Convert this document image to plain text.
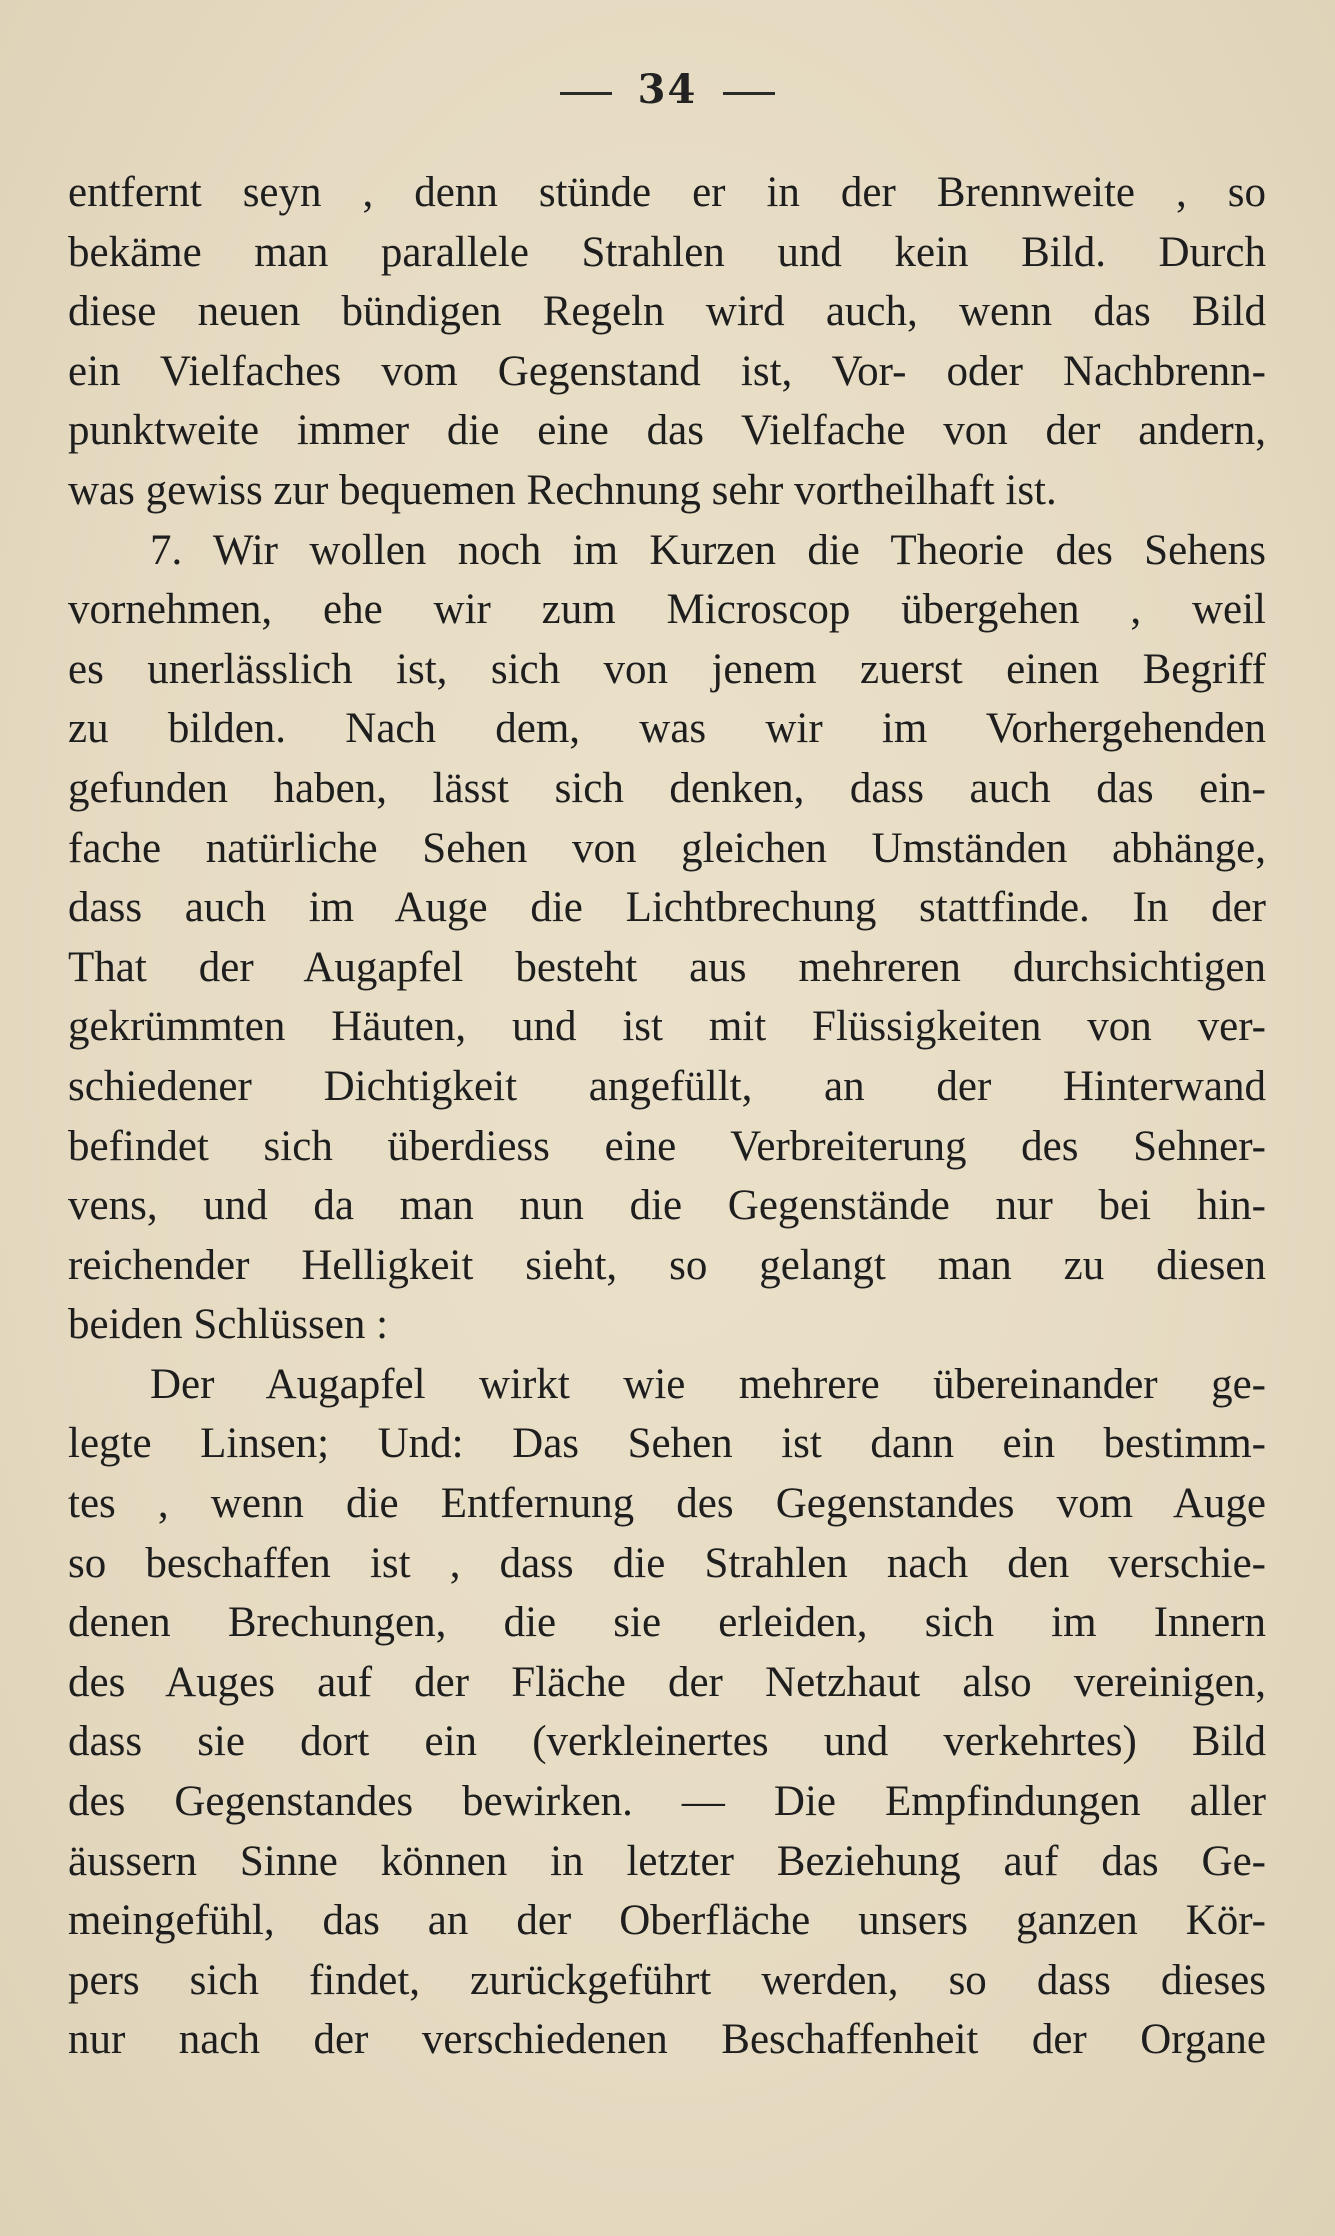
34
entfernt seyn , denn stünde er in der Brennweite , so
bekäme man parallele Strahlen und kein Bild. Durch
diese neuen bündigen Regeln wird auch, wenn das Bild
ein Vielfaches vom Gegenstand ist, Vor- oder Nachbrenn-
punktweite immer die eine das Vielfache von der andern,
was gewiss zur bequemen Rechnung sehr vortheilhaft ist.
7. Wir wollen noch im Kurzen die Theorie des Sehens
vornehmen, ehe wir zum Microscop übergehen , weil
es unerlässlich ist, sich von jenem zuerst einen Begriff
zu bilden. Nach dem, was wir im Vorhergehenden
gefunden haben, lässt sich denken, dass auch das ein-
fache natürliche Sehen von gleichen Umständen abhänge,
dass auch im Auge die Lichtbrechung stattfinde. In der
That der Augapfel besteht aus mehreren durchsichtigen
gekrümmten Häuten, und ist mit Flüssigkeiten von ver-
schiedener Dichtigkeit angefüllt, an der Hinterwand
befindet sich überdiess eine Verbreiterung des Sehner-
vens, und da man nun die Gegenstände nur bei hin-
reichender Helligkeit sieht, so gelangt man zu diesen
beiden Schlüssen :
Der Augapfel wirkt wie mehrere übereinander ge-
legte Linsen; Und: Das Sehen ist dann ein bestimm-
tes , wenn die Entfernung des Gegenstandes vom Auge
so beschaffen ist , dass die Strahlen nach den verschie-
denen Brechungen, die sie erleiden, sich im Innern
des Auges auf der Fläche der Netzhaut also vereinigen,
dass sie dort ein (verkleinertes und verkehrtes) Bild
des Gegenstandes bewirken. — Die Empfindungen aller
äussern Sinne können in letzter Beziehung auf das Ge-
meingefühl, das an der Oberfläche unsers ganzen Kör-
pers sich findet, zurückgeführt werden, so dass dieses
nur nach der verschiedenen Beschaffenheit der Organe
